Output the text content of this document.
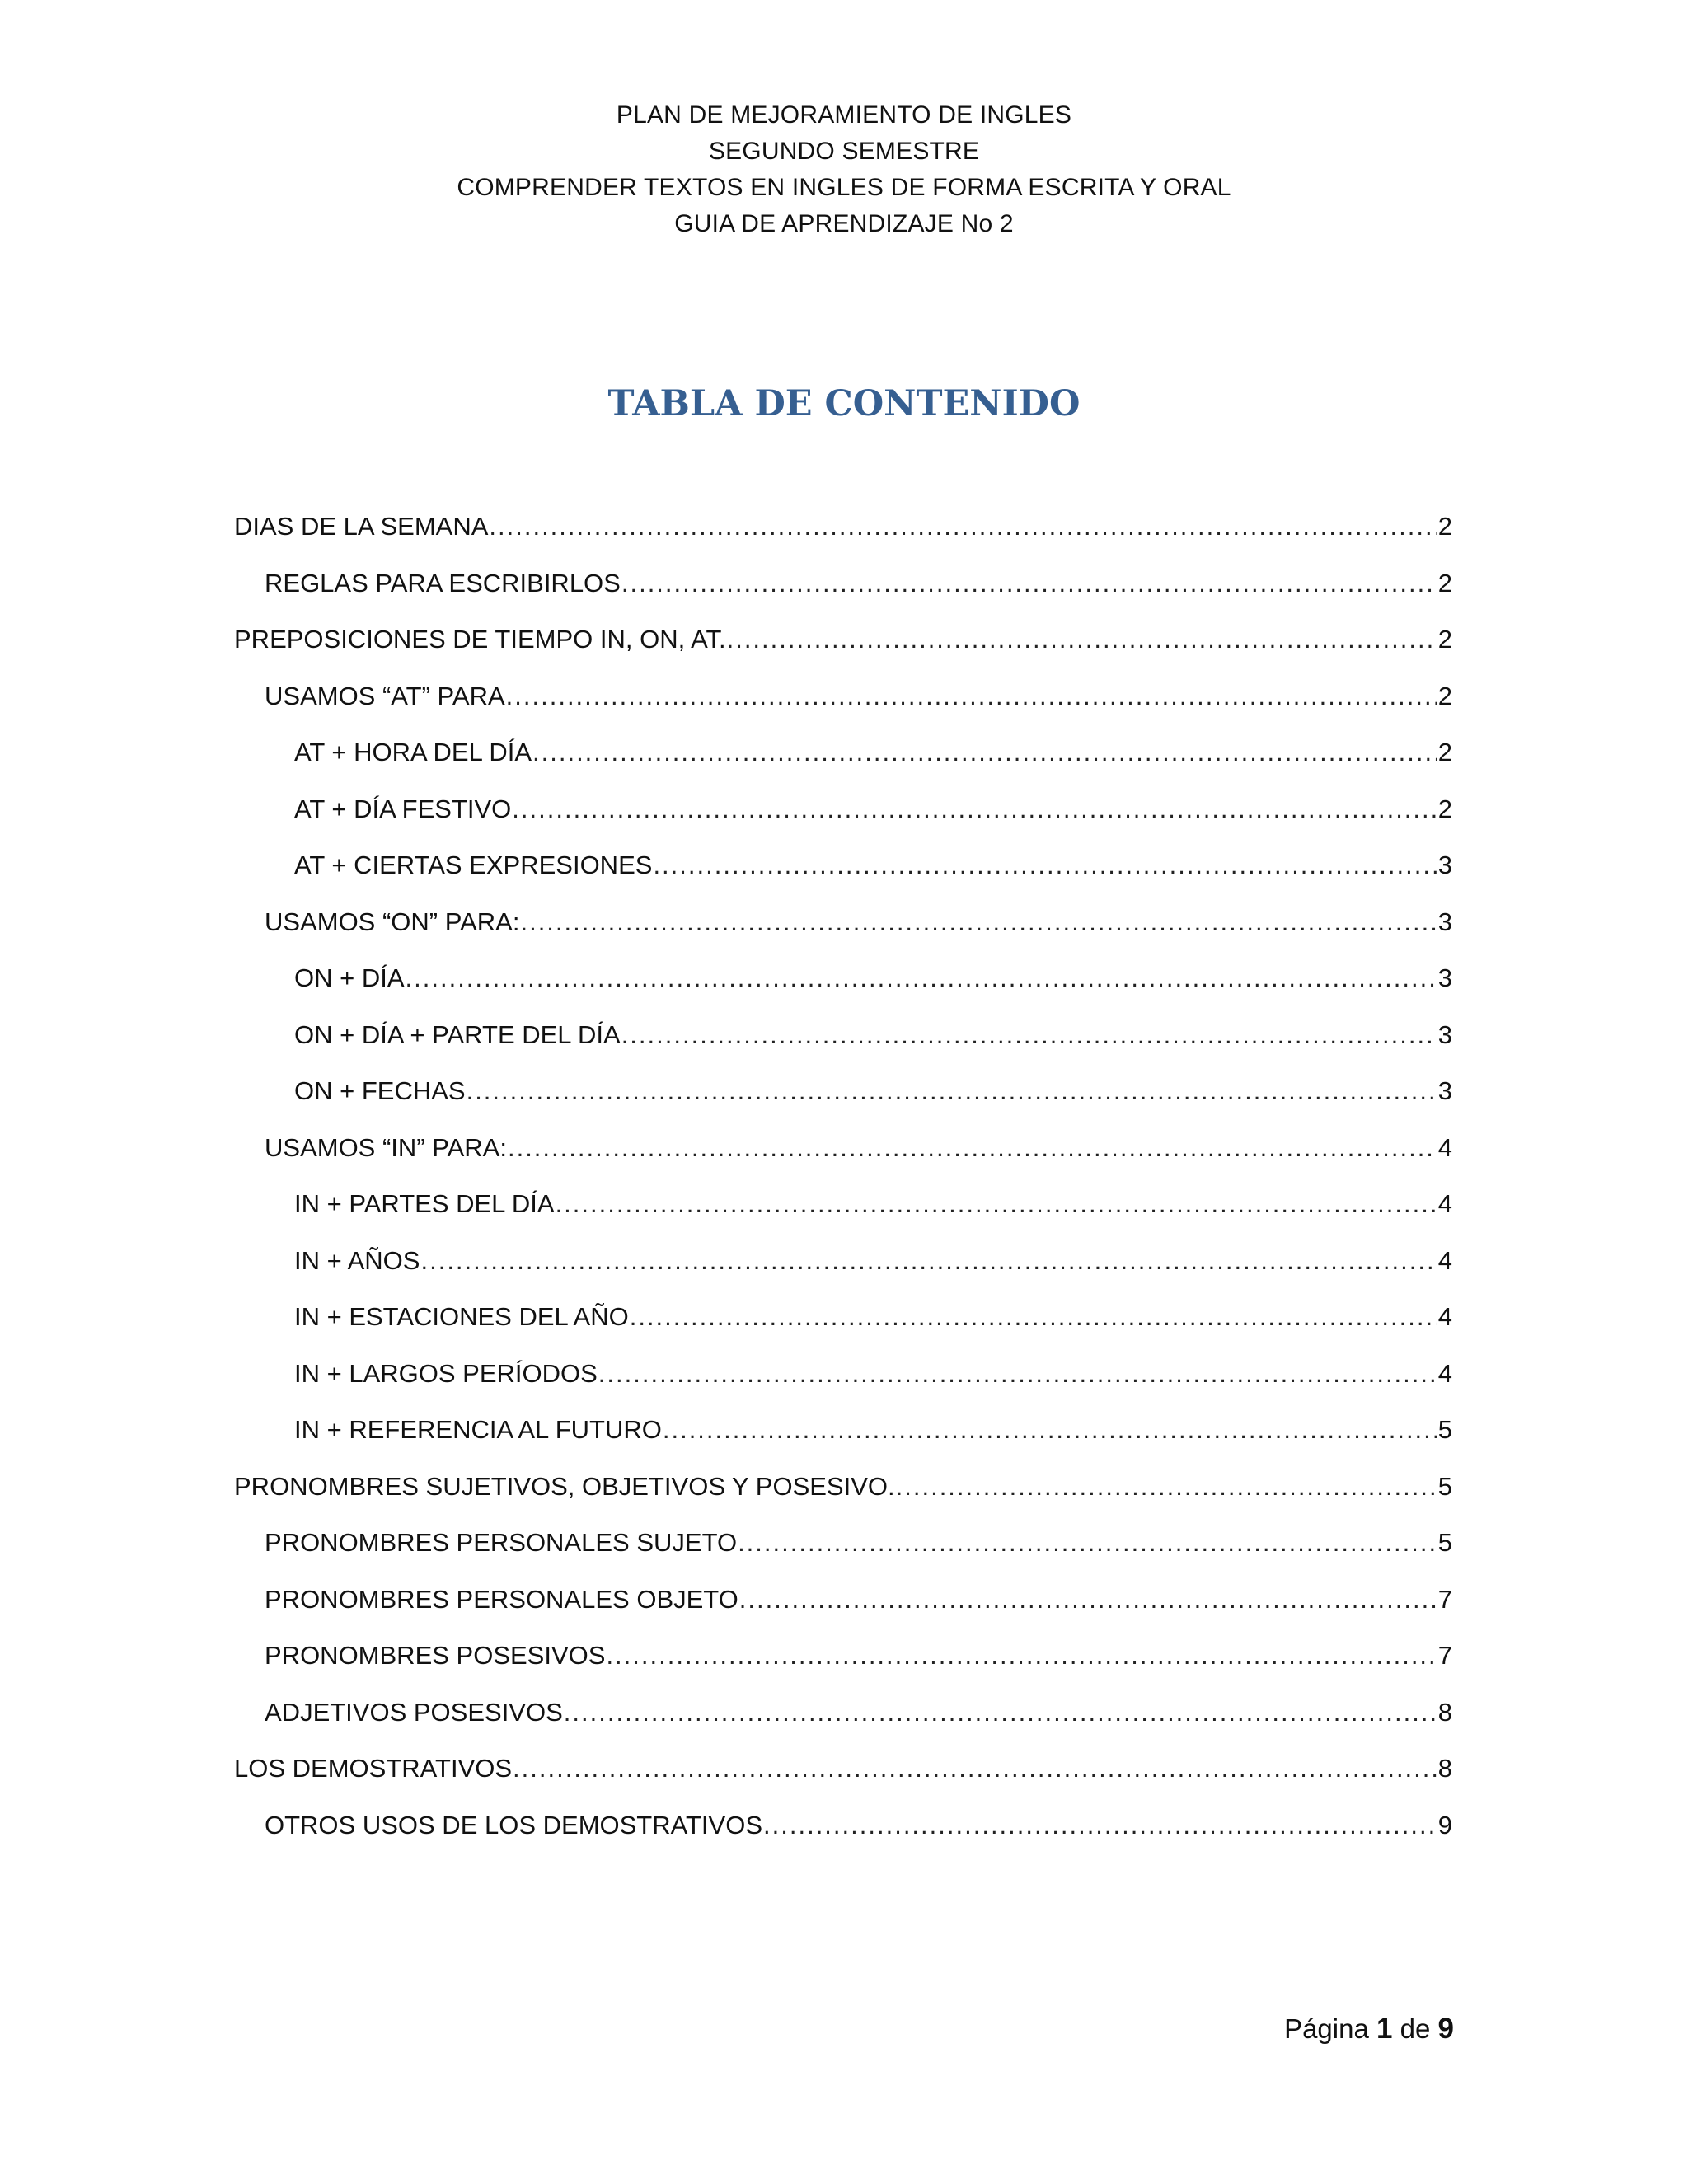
PLAN DE MEJORAMIENTO DE INGLES
SEGUNDO SEMESTRE
COMPRENDER TEXTOS EN INGLES DE FORMA ESCRITA Y ORAL
GUIA DE APRENDIZAJE No 2
TABLA DE CONTENIDO
DIAS DE LA SEMANA .....	2
REGLAS PARA ESCRIBIRLOS .....	2
PREPOSICIONES DE TIEMPO IN, ON, AT. .....	2
USAMOS “AT” PARA .....	2
AT + HORA DEL DÍA .....	2
AT + DÍA FESTIVO .....	2
AT + CIERTAS EXPRESIONES .....	3
USAMOS “ON” PARA: .....	3
ON + DÍA .....	3
ON + DÍA + PARTE DEL DÍA .....	3
ON + FECHAS .....	3
USAMOS “IN” PARA: .....	4
IN + PARTES DEL DÍA .....	4
IN + AÑOS .....	4
IN + ESTACIONES DEL AÑO .....	4
IN + LARGOS PERÍODOS .....	4
IN + REFERENCIA AL FUTURO .....	5
PRONOMBRES SUJETIVOS, OBJETIVOS Y POSESIVO. .....	5
PRONOMBRES PERSONALES SUJETO .....	5
PRONOMBRES PERSONALES OBJETO .....	7
PRONOMBRES POSESIVOS .....	7
ADJETIVOS POSESIVOS .....	8
LOS DEMOSTRATIVOS .....	8
OTROS USOS DE LOS DEMOSTRATIVOS .....	9
Página 1 de 9
